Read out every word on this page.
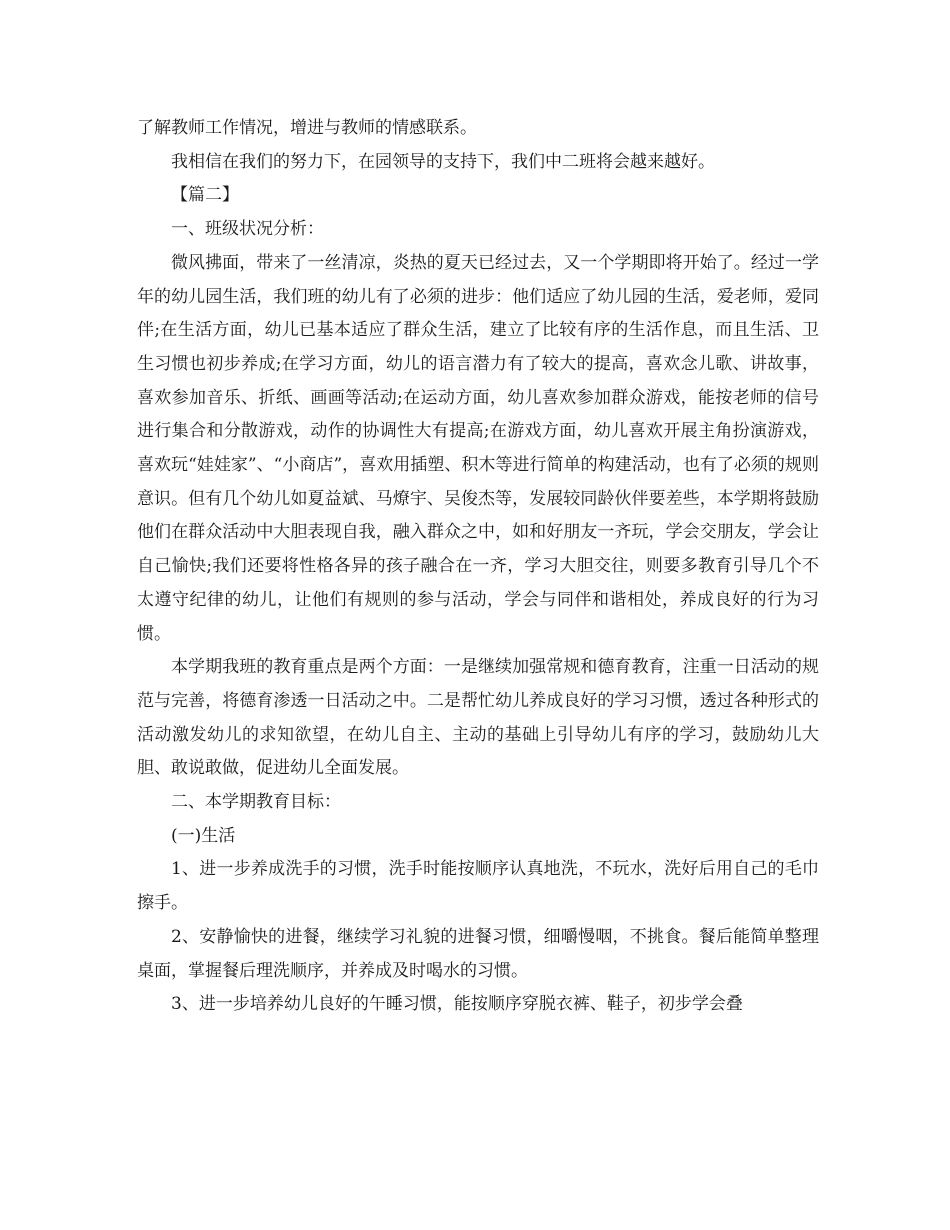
了解教师工作情况，增进与教师的情感联系。

我相信在我们的努力下，在园领导的支持下，我们中二班将会越来越好。

【篇二】

一、班级状况分析：

微风拂面，带来了一丝清凉，炎热的夏天已经过去，又一个学期即将开始了。经过一学年的幼儿园生活，我们班的幼儿有了必须的进步：他们适应了幼儿园的生活，爱老师，爱同伴;在生活方面，幼儿已基本适应了群众生活，建立了比较有序的生活作息，而且生活、卫生习惯也初步养成;在学习方面，幼儿的语言潜力有了较大的提高，喜欢念儿歌、讲故事，喜欢参加音乐、折纸、画画等活动;在运动方面，幼儿喜欢参加群众游戏，能按老师的信号进行集合和分散游戏，动作的协调性大有提高;在游戏方面，幼儿喜欢开展主角扮演游戏，喜欢玩“娃娃家”、“小商店”，喜欢用插塑、积木等进行简单的构建活动，也有了必须的规则意识。但有几个幼儿如夏益斌、马燎宇、吴俊杰等，发展较同龄伙伴要差些，本学期将鼓励他们在群众活动中大胆表现自我，融入群众之中，如和好朋友一齐玩，学会交朋友，学会让自己愉快;我们还要将性格各异的孩子融合在一齐，学习大胆交往，则要多教育引导几个不太遵守纪律的幼儿，让他们有规则的参与活动，学会与同伴和谐相处，养成良好的行为习惯。

本学期我班的教育重点是两个方面：一是继续加强常规和德育教育，注重一日活动的规范与完善，将德育渗透一日活动之中。二是帮忙幼儿养成良好的学习习惯，透过各种形式的活动激发幼儿的求知欲望，在幼儿自主、主动的基础上引导幼儿有序的学习，鼓励幼儿大胆、敢说敢做，促进幼儿全面发展。

二、本学期教育目标：

(一)生活

1、进一步养成洗手的习惯，洗手时能按顺序认真地洗，不玩水，洗好后用自己的毛巾擦手。

2、安静愉快的进餐，继续学习礼貌的进餐习惯，细嚼慢咽，不挑食。餐后能简单整理桌面，掌握餐后理洗顺序，并养成及时喝水的习惯。

3、进一步培养幼儿良好的午睡习惯，能按顺序穿脱衣裤、鞋子，初步学会叠
